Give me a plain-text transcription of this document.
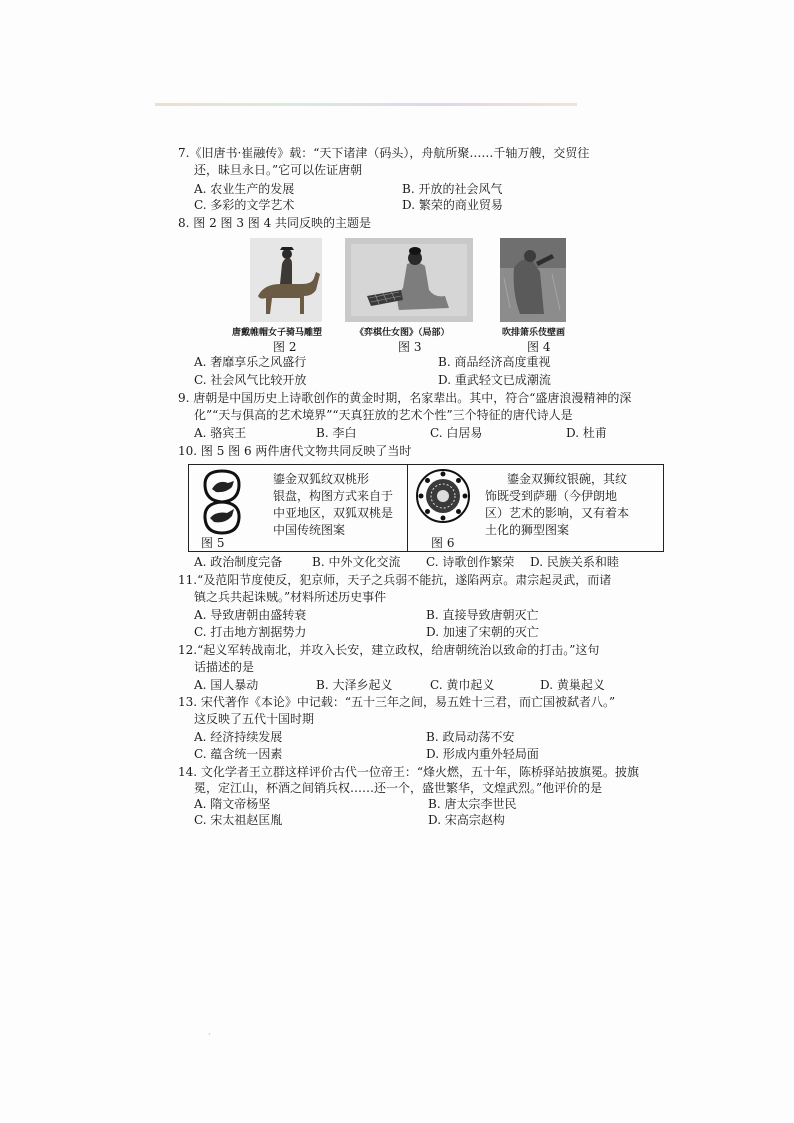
7.《旧唐书·崔融传》载：“天下诸津（码头），舟航所聚……千轴万艘，交贸往
还，昧旦永日。”它可以佐证唐朝
A. 农业生产的发展	B. 开放的社会风气
C. 多彩的文学艺术	D. 繁荣的商业贸易
8. 图 2 图 3 图 4 共同反映的主题是
唐戴帷帽女子骑马雕塑
图 2
《弈棋仕女图》（局部）
图 3
吹排箫乐伎壁画
图 4
A. 奢靡享乐之风盛行	B. 商品经济高度重视
C. 社会风气比较开放	D. 重武轻文已成潮流
9. 唐朝是中国历史上诗歌创作的黄金时期，名家辈出。其中，符合“盛唐浪漫精神的深
化”“天与俱高的艺术境界”“天真狂放的艺术个性”三个特征的唐代诗人是
A. 骆宾王	B. 李白	C. 白居易	D. 杜甫
10. 图 5 图 6 两件唐代文物共同反映了当时
鎏金双狐纹双桃形
银盘，构图方式来自于
中亚地区，双狐双桃是
中国传统图案
图 5
鎏金双狮纹银碗，其纹
饰既受到萨珊（今伊朗地
区）艺术的影响，又有着本
土化的狮型图案
图 6
A. 政治制度完备 B. 中外文化交流 C. 诗歌创作繁荣 D. 民族关系和睦
11.“及范阳节度使反，犯京师，天子之兵弱不能抗，遂陷两京。肃宗起灵武，而诸
镇之兵共起诛贼。”材料所述历史事件
A. 导致唐朝由盛转衰	B. 直接导致唐朝灭亡
C. 打击地方割据势力	D. 加速了宋朝的灭亡
12.“起义军转战南北，并攻入长安，建立政权，给唐朝统治以致命的打击。”这句
话描述的是
A. 国人暴动	B. 大泽乡起义	C. 黄巾起义	D. 黄巢起义
13. 宋代著作《本论》中记载：“五十三年之间，易五姓十三君，而亡国被弑者八。”
这反映了五代十国时期
A. 经济持续发展	B. 政局动荡不安
C. 蕴含统一因素	D. 形成内重外轻局面
14. 文化学者王立群这样评价古代一位帝王：“烽火燃，五十年，陈桥驿站披旗冕。披旗
冕，定江山，杯酒之间销兵权……还一个，盛世繁华，文煌武烈。”他评价的是
A. 隋文帝杨坚	B. 唐太宗李世民
C. 宋太祖赵匡胤	D. 宋高宗赵构
·
